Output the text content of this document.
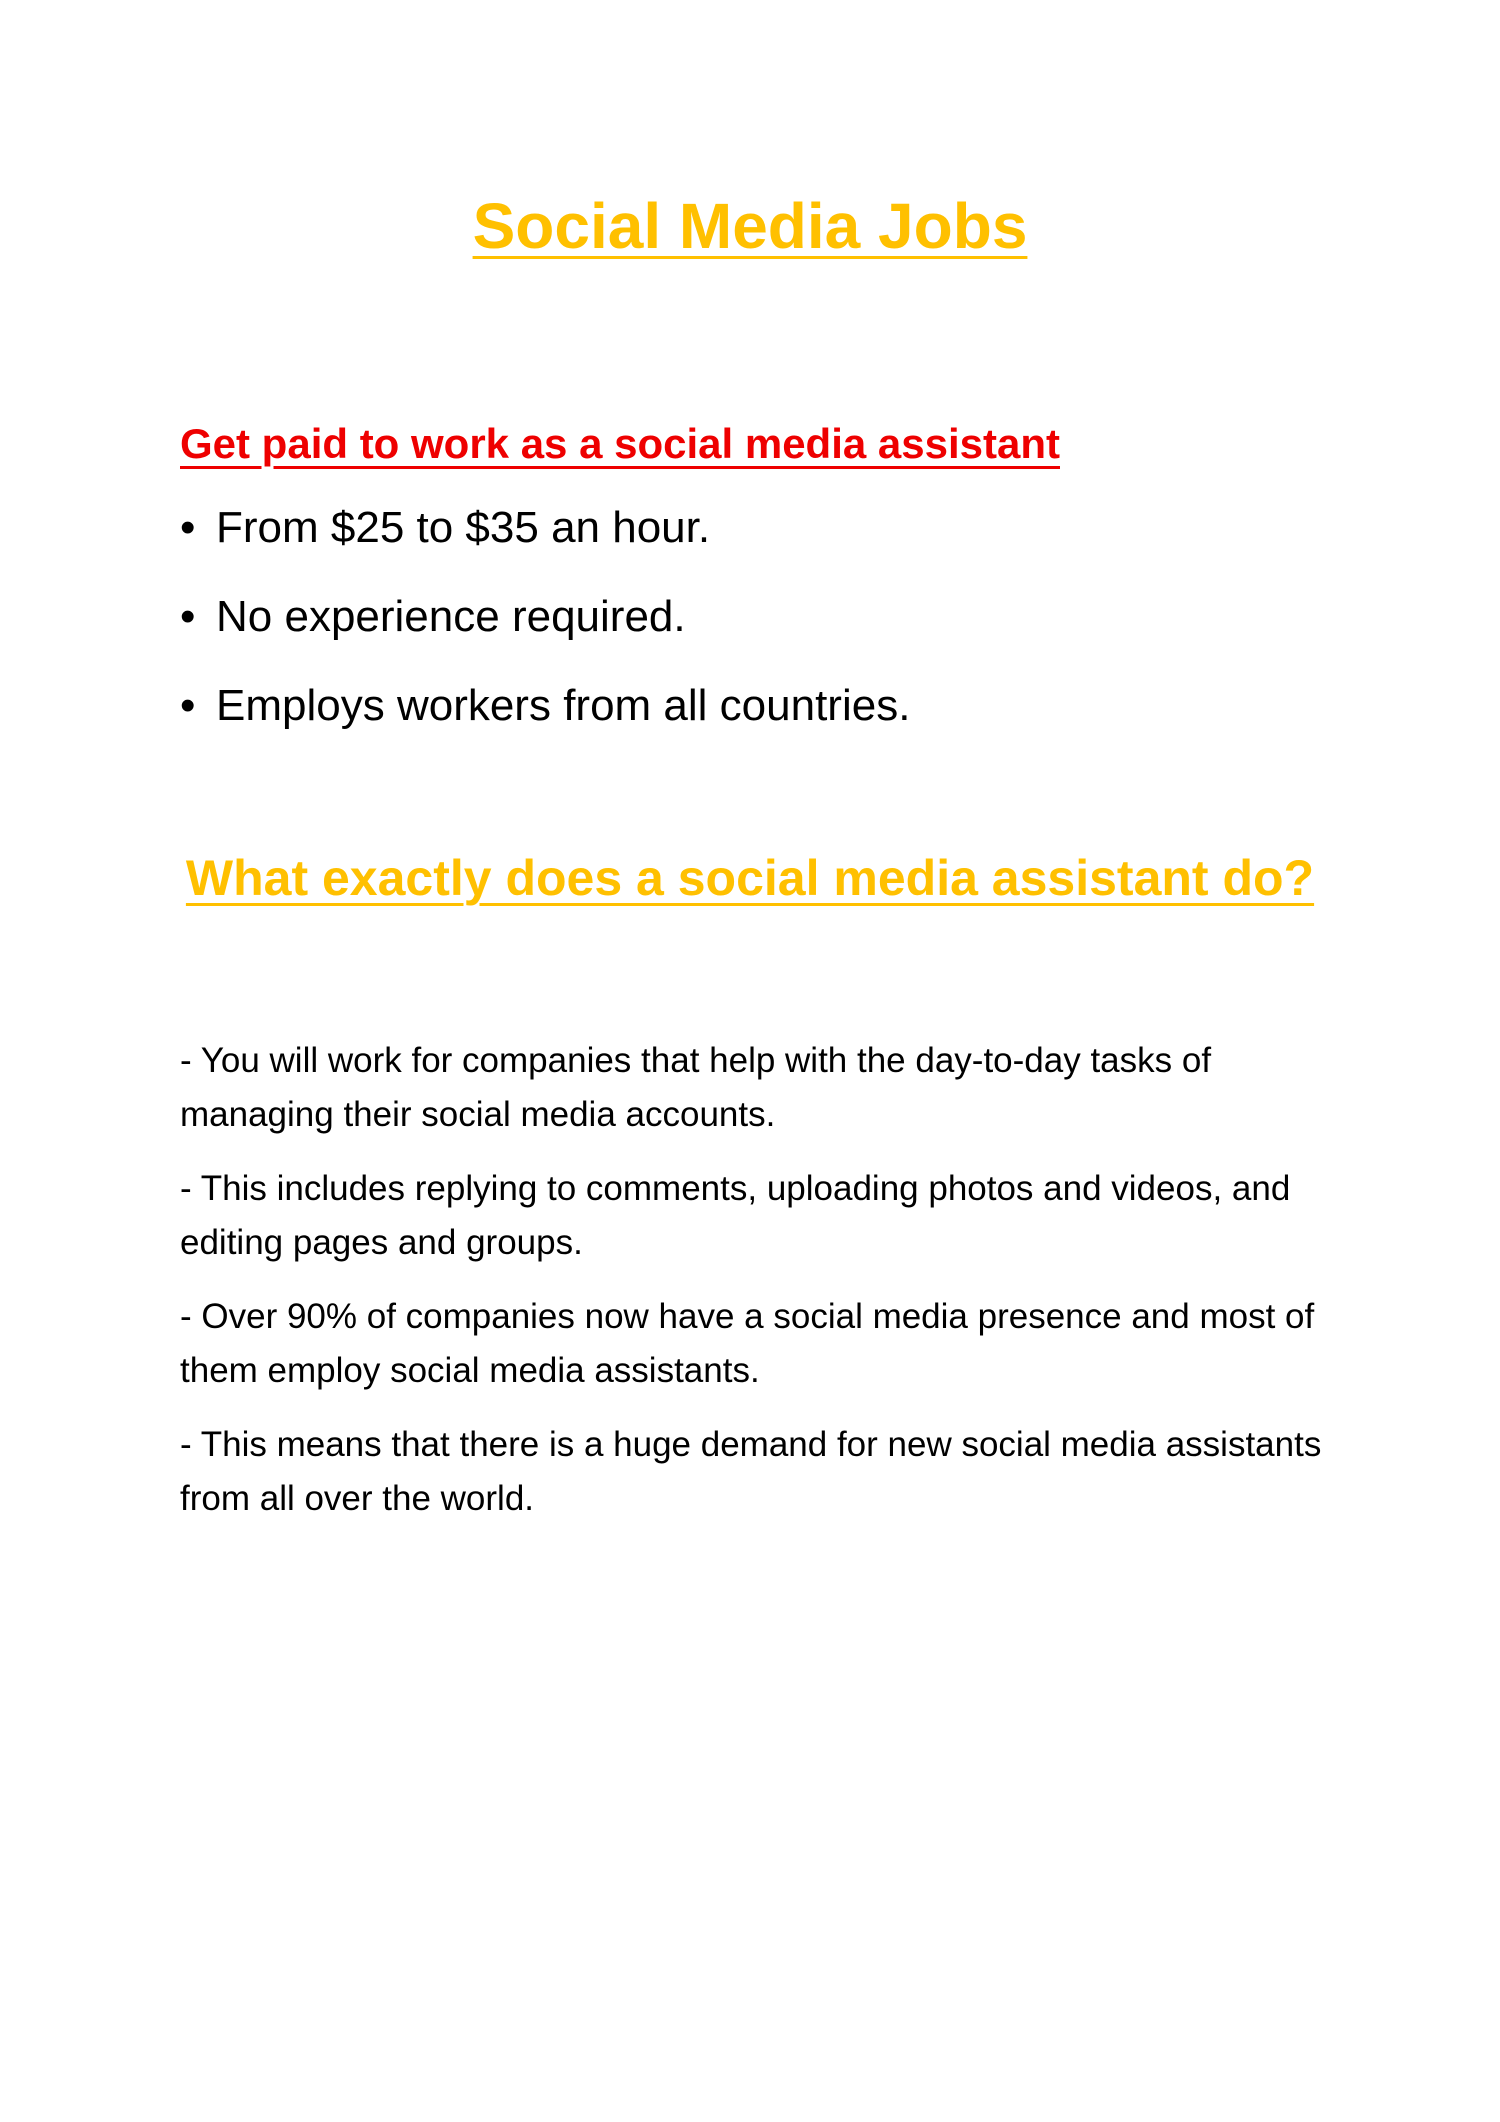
Social Media Jobs
Get paid to work as a social media assistant
• From $25 to $35 an hour.
• No experience required.
• Employs workers from all countries.
What exactly does a social media assistant do?

- You will work for companies that help with the day-to-day tasks of managing their social media accounts.

- This includes replying to comments, uploading photos and videos, and editing pages and groups.

- Over 90% of companies now have a social media presence and most of them employ social media assistants.

- This means that there is a huge demand for new social media assistants from all over the world.
